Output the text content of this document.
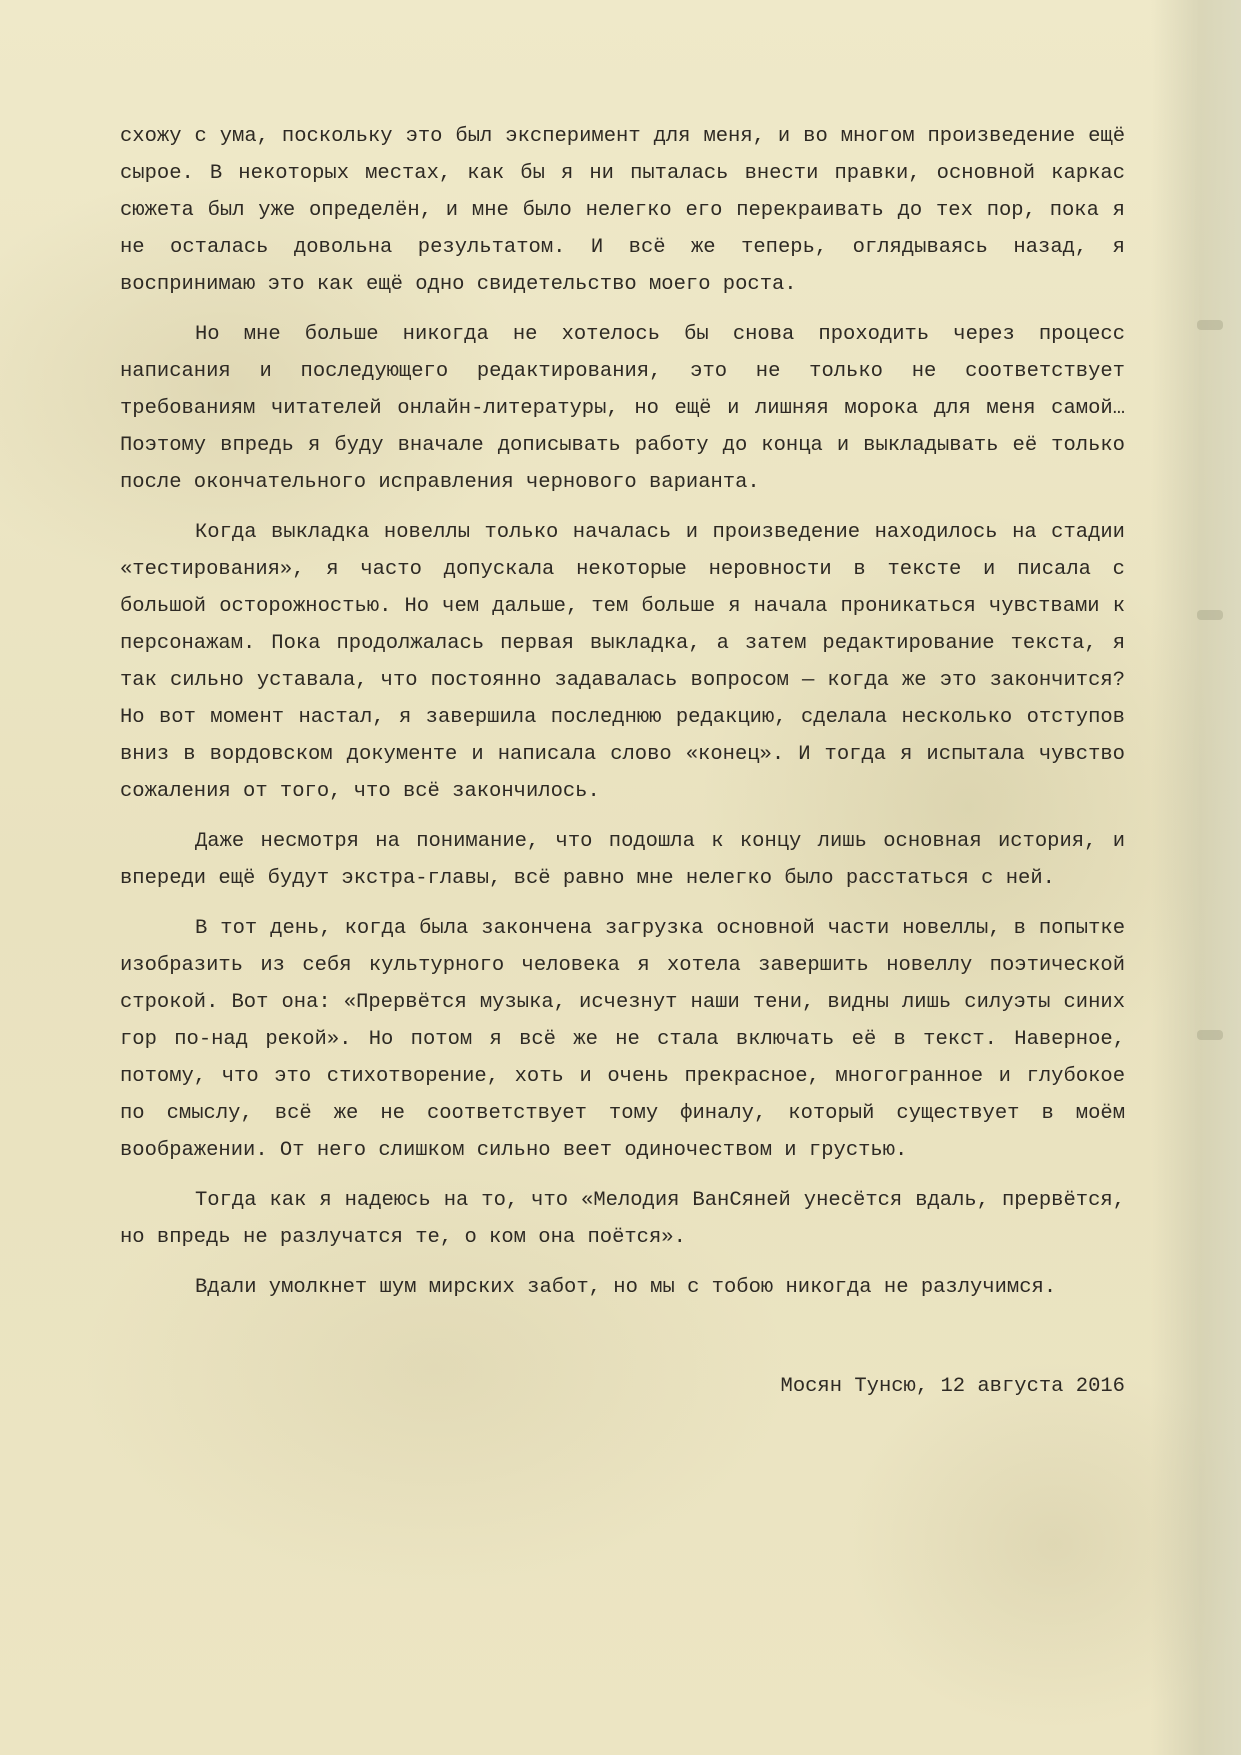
схожу с ума, поскольку это был эксперимент для меня, и во многом произведение ещё сырое. В некоторых местах, как бы я ни пыталась внести правки, основной каркас сюжета был уже определён, и мне было нелегко его перекраивать до тех пор, пока я не осталась довольна результатом. И всё же теперь, оглядываясь назад, я воспринимаю это как ещё одно свидетельство моего роста.

Но мне больше никогда не хотелось бы снова проходить через процесс написания и последующего редактирования, это не только не соответствует требованиям читателей онлайн-литературы, но ещё и лишняя морока для меня самой… Поэтому впредь я буду вначале дописывать работу до конца и выкладывать её только после окончательного исправления чернового варианта.

Когда выкладка новеллы только началась и произведение находилось на стадии «тестирования», я часто допускала некоторые неровности в тексте и писала с большой осторожностью. Но чем дальше, тем больше я начала проникаться чувствами к персонажам. Пока продолжалась первая выкладка, а затем редактирование текста, я так сильно уставала, что постоянно задавалась вопросом — когда же это закончится? Но вот момент настал, я завершила последнюю редакцию, сделала несколько отступов вниз в вордовском документе и написала слово «конец». И тогда я испытала чувство сожаления от того, что всё закончилось.

Даже несмотря на понимание, что подошла к концу лишь основная история, и впереди ещё будут экстра-главы, всё равно мне нелегко было расстаться с ней.

В тот день, когда была закончена загрузка основной части новеллы, в попытке изобразить из себя культурного человека я хотела завершить новеллу поэтической строкой. Вот она: «Прервётся музыка, исчезнут наши тени, видны лишь силуэты синих гор по-над рекой». Но потом я всё же не стала включать её в текст. Наверное, потому, что это стихотворение, хоть и очень прекрасное, многогранное и глубокое по смыслу, всё же не соответствует тому финалу, который существует в моём воображении. От него слишком сильно веет одиночеством и грустью.

Тогда как я надеюсь на то, что «Мелодия ВанСяней унесётся вдаль, прервётся, но впредь не разлучатся те, о ком она поётся».

Вдали умолкнет шум мирских забот, но мы с тобою никогда не разлучимся.

Мосян Тунсю, 12 августа 2016
